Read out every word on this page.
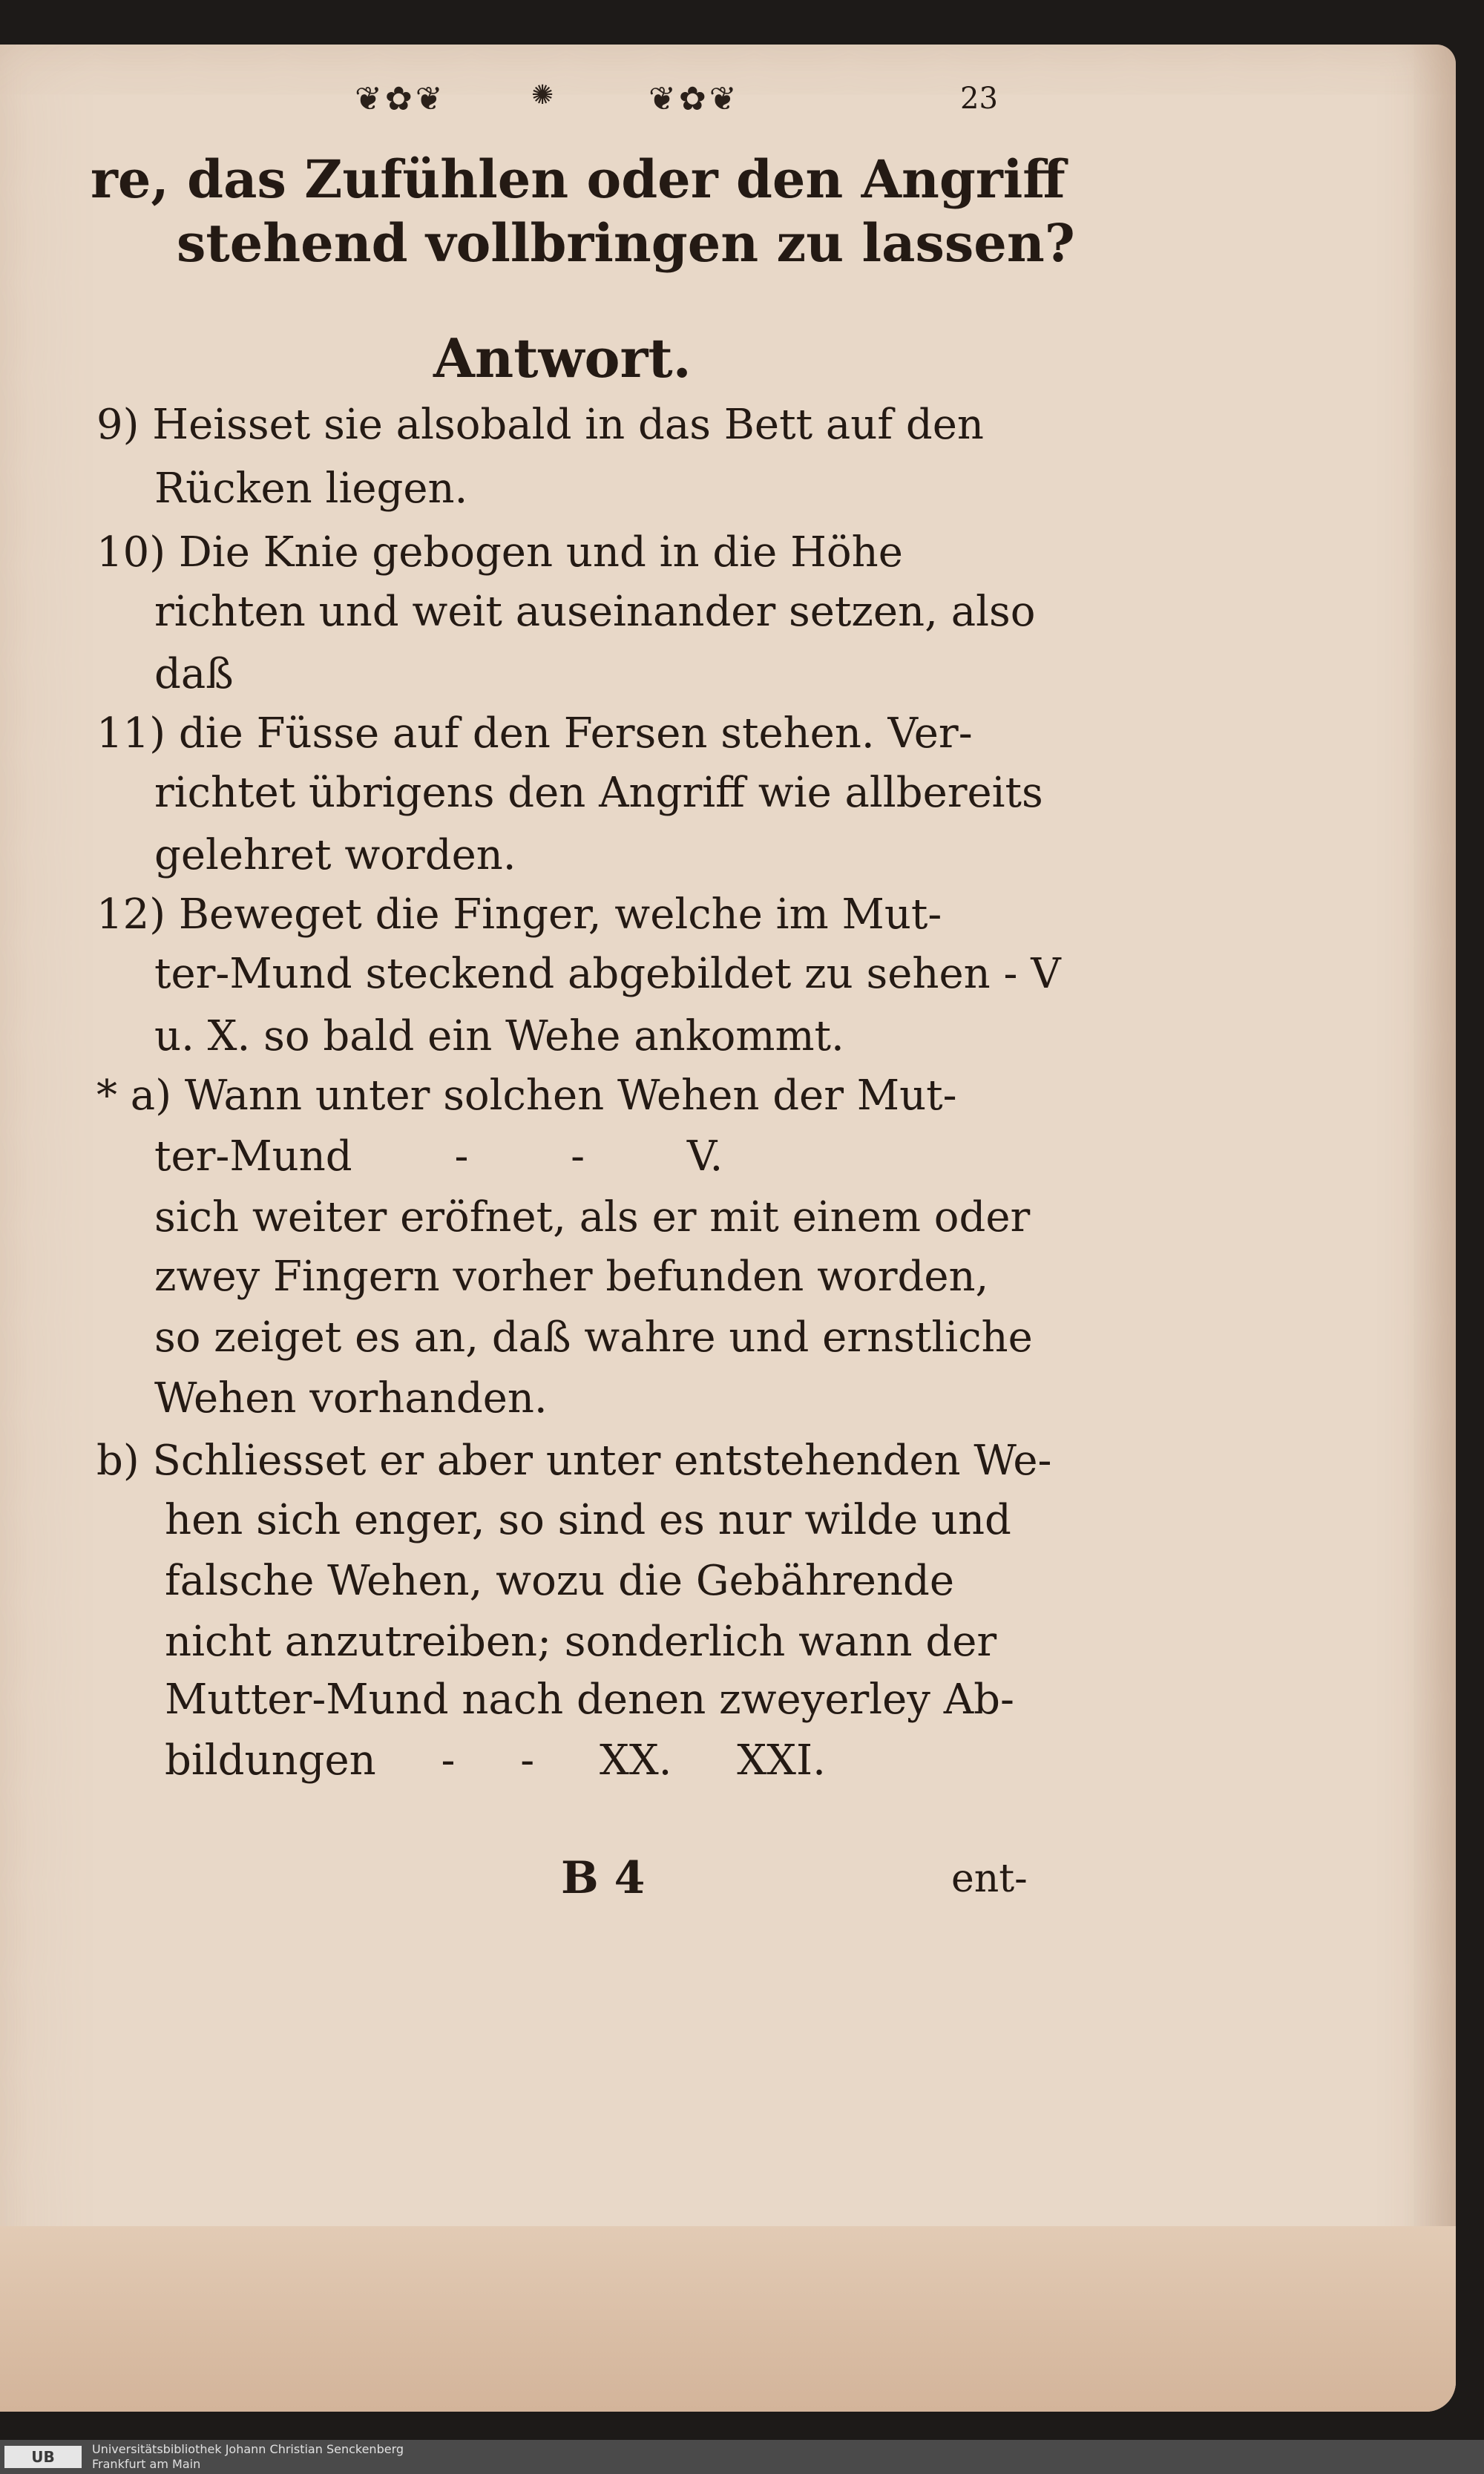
❦✿❦	✺	❦✿❦	23
re, das Zufühlen oder den Angriff
stehend vollbringen zu lassen?
Antwort.
9) Heisset sie alsobald in das Bett auf den
Rücken liegen.
10) Die Knie gebogen und in die Höhe
richten und weit auseinander setzen, also
daß
11) die Füsse auf den Fersen stehen. Ver-
richtet übrigens den Angriff wie allbereits
gelehret worden.
12) Beweget die Finger, welche im Mut-
ter-Mund steckend abgebildet zu sehen - V
u. X. so bald ein Wehe ankommt.
* a) Wann unter solchen Wehen der Mut-
ter-Mund - - V.
sich weiter eröfnet, als er mit einem oder
zwey Fingern vorher befunden worden,
so zeiget es an, daß wahre und ernstliche
Wehen vorhanden.
b) Schliesset er aber unter entstehenden We-
hen sich enger, so sind es nur wilde und
falsche Wehen, wozu die Gebährende
nicht anzutreiben; sonderlich wann der
Mutter-Mund nach denen zweyerley Ab-
bildungen - - XX. XXI.
B 4	ent-
UB	Universitätsbibliothek Johann Christian Senckenberg
Frankfurt am Main
